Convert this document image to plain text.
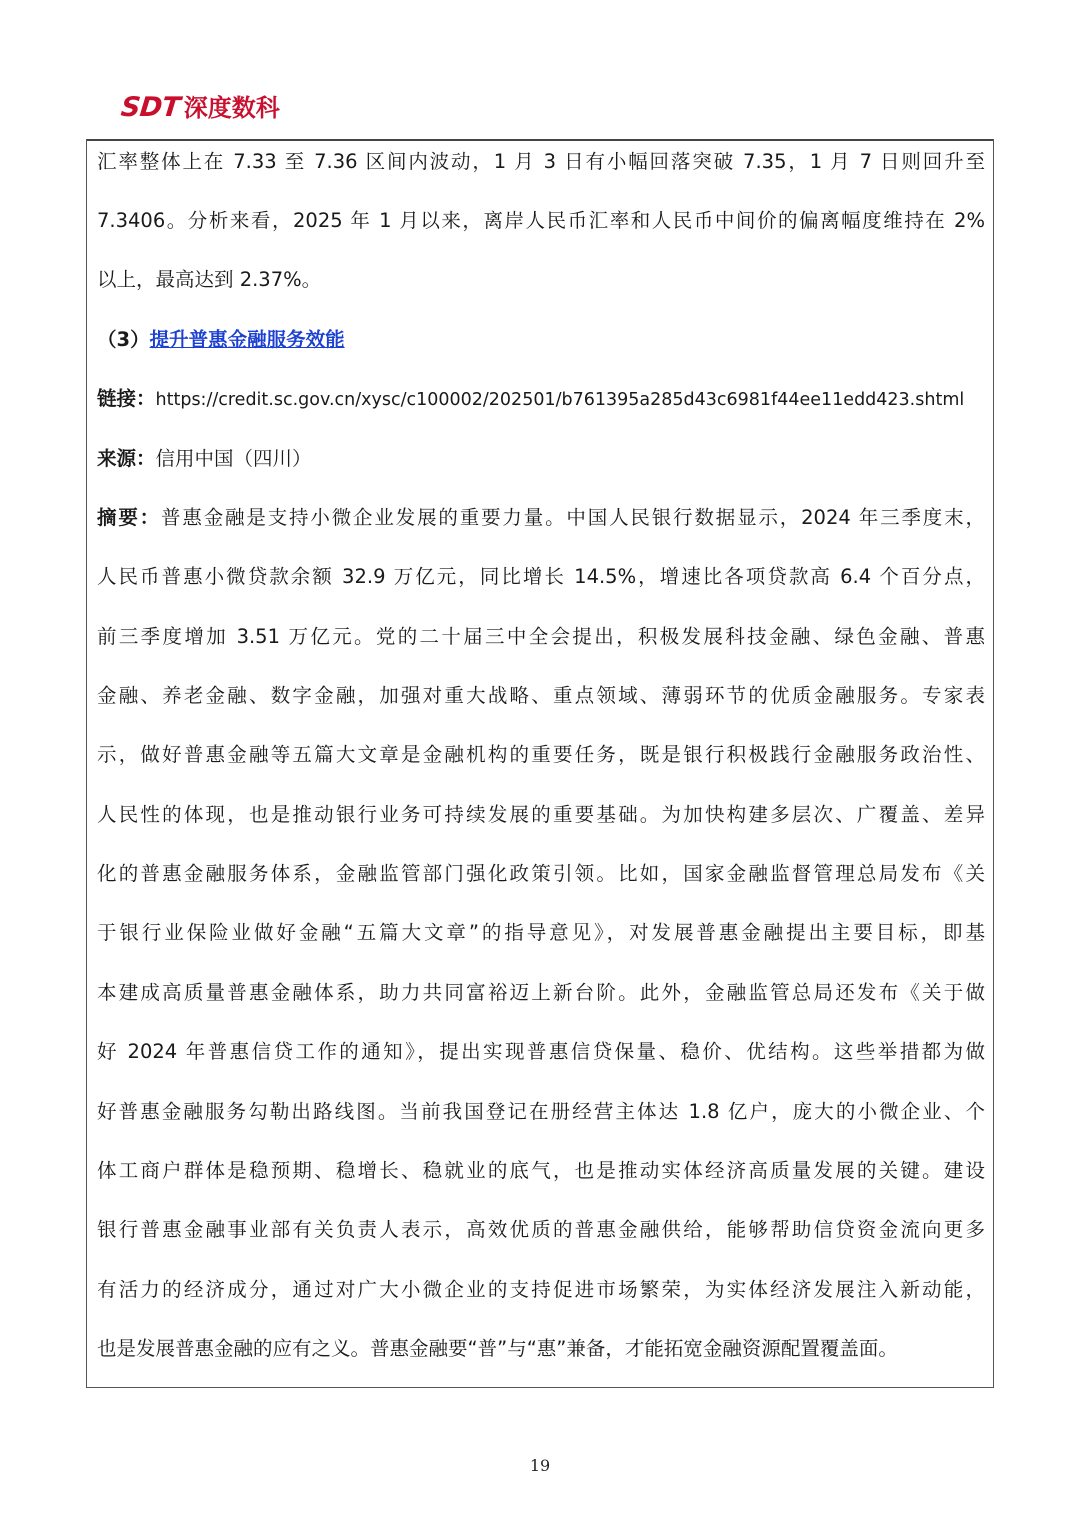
SDT 深度数科
汇率整体上在 7.33 至 7.36 区间内波动，1 月 3 日有小幅回落突破 7.35，1 月 7 日则回升至
7.3406。分析来看，2025 年 1 月以来，离岸人民币汇率和人民币中间价的偏离幅度维持在 2%
以上，最高达到 2.37%。
（3）提升普惠金融服务效能
链接：https://credit.sc.gov.cn/xysc/c100002/202501/b761395a285d43c6981f44ee11edd423.shtml
来源：信用中国（四川）
摘要：普惠金融是支持小微企业发展的重要力量。中国人民银行数据显示，2024 年三季度末，
人民币普惠小微贷款余额 32.9 万亿元，同比增长 14.5%，增速比各项贷款高 6.4 个百分点，
前三季度增加 3.51 万亿元。党的二十届三中全会提出，积极发展科技金融、绿色金融、普惠
金融、养老金融、数字金融，加强对重大战略、重点领域、薄弱环节的优质金融服务。专家表
示，做好普惠金融等五篇大文章是金融机构的重要任务，既是银行积极践行金融服务政治性、
人民性的体现，也是推动银行业务可持续发展的重要基础。为加快构建多层次、广覆盖、差异
化的普惠金融服务体系，金融监管部门强化政策引领。比如，国家金融监督管理总局发布《关
于银行业保险业做好金融“五篇大文章”的指导意见》，对发展普惠金融提出主要目标，即基
本建成高质量普惠金融体系，助力共同富裕迈上新台阶。此外，金融监管总局还发布《关于做
好 2024 年普惠信贷工作的通知》，提出实现普惠信贷保量、稳价、优结构。这些举措都为做
好普惠金融服务勾勒出路线图。当前我国登记在册经营主体达 1.8 亿户，庞大的小微企业、个
体工商户群体是稳预期、稳增长、稳就业的底气，也是推动实体经济高质量发展的关键。建设
银行普惠金融事业部有关负责人表示，高效优质的普惠金融供给，能够帮助信贷资金流向更多
有活力的经济成分，通过对广大小微企业的支持促进市场繁荣，为实体经济发展注入新动能，
也是发展普惠金融的应有之义。普惠金融要“普”与“惠”兼备，才能拓宽金融资源配置覆盖面。
19
